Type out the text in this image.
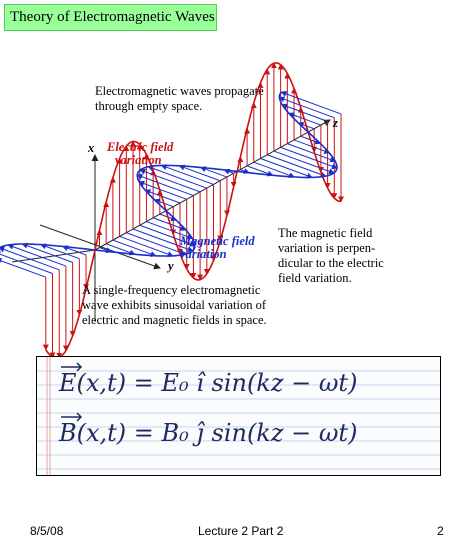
Theory of Electromagnetic Waves
Electromagnetic waves propagate
through empty space.
x
y
z
Electric field
variation
Magnetic field
variation
The magnetic field
variation is perpen-
dicular to the electric
field variation.
A single-frequency electromagnetic
wave exhibits sinusoidal variation of
electric and magnetic fields in space.
E(x,t) = E₀ î sin(kz − ωt)
B(x,t) = B₀ ĵ sin(kz − ωt)
8/5/08	Lecture 2 Part 2	2
